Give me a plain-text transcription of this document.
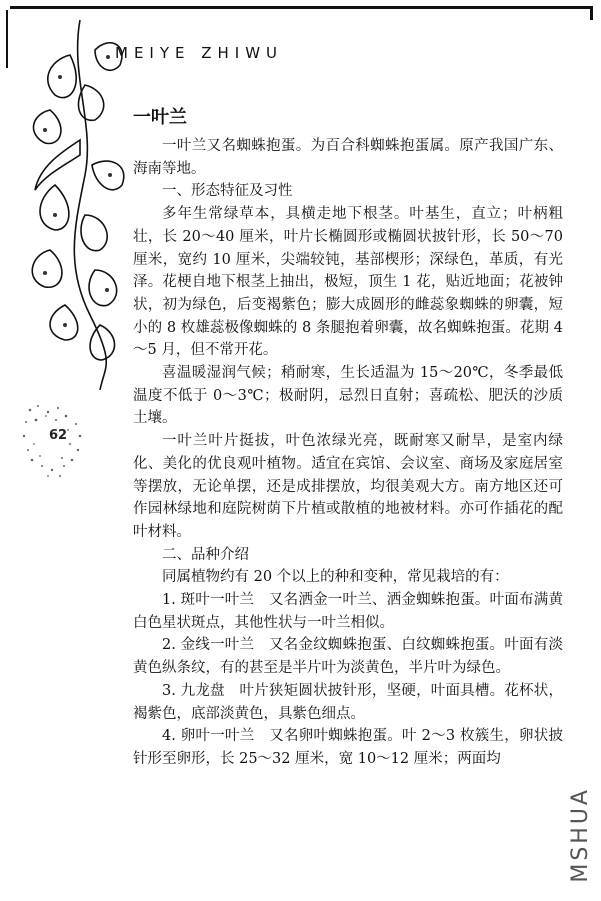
MEIYE ZHIWU
62
一叶兰

一叶兰又名蜘蛛抱蛋。为百合科蜘蛛抱蛋属。原产我国广东、海南等地。

一、形态特征及习性

多年生常绿草本，具横走地下根茎。叶基生，直立；叶柄粗壮，长 20～40 厘米，叶片长椭圆形或椭圆状披针形，长 50～70 厘米，宽约 10 厘米，尖端较钝，基部楔形；深绿色，革质，有光泽。花梗自地下根茎上抽出，极短，顶生 1 花，贴近地面；花被钟状，初为绿色，后变褐紫色；膨大成圆形的雌蕊象蜘蛛的卵囊，短小的 8 枚雄蕊极像蜘蛛的 8 条腿抱着卵囊，故名蜘蛛抱蛋。花期 4～5 月，但不常开花。

喜温暖湿润气候；稍耐寒，生长适温为 15～20℃，冬季最低温度不低于 0～3℃；极耐阴，忌烈日直射；喜疏松、肥沃的沙质土壤。

一叶兰叶片挺拔，叶色浓绿光亮，既耐寒又耐旱，是室内绿化、美化的优良观叶植物。适宜在宾馆、会议室、商场及家庭居室等摆放，无论单摆，还是成排摆放，均很美观大方。南方地区还可作园林绿地和庭院树荫下片植或散植的地被材料。亦可作插花的配叶材料。

二、品种介绍

同属植物约有 20 个以上的种和变种，常见栽培的有：

1. 斑叶一叶兰　又名洒金一叶兰、洒金蜘蛛抱蛋。叶面布满黄白色星状斑点，其他性状与一叶兰相似。

2. 金线一叶兰　又名金纹蜘蛛抱蛋、白纹蜘蛛抱蛋。叶面有淡黄色纵条纹，有的甚至是半片叶为淡黄色，半片叶为绿色。

3. 九龙盘　叶片狭矩圆状披针形，坚硬，叶面具槽。花杯状，褐紫色，底部淡黄色，具紫色细点。

4. 卵叶一叶兰　又名卵叶蜘蛛抱蛋。叶 2～3 枚簇生，卵状披针形至卵形，长 25～32 厘米，宽 10～12 厘米；两面均

MSHUA
